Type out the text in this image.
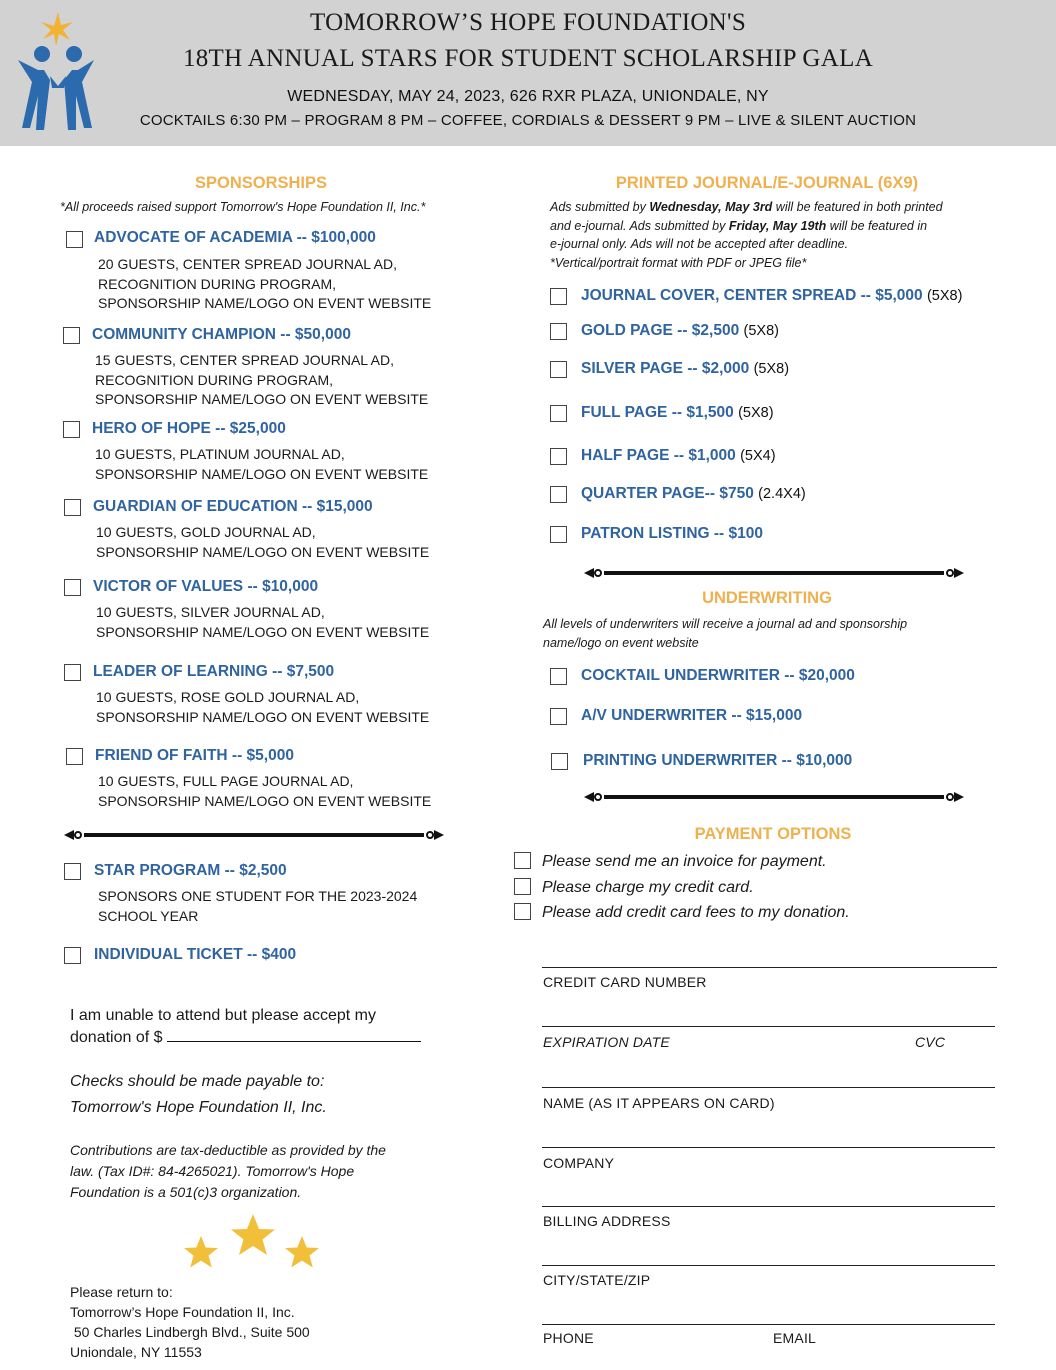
TOMORROW’S HOPE FOUNDATION'S
18TH ANNUAL STARS FOR STUDENT SCHOLARSHIP GALA
WEDNESDAY, MAY 24, 2023, 626 RXR PLAZA, UNIONDALE, NY
COCKTAILS 6:30 PM – PROGRAM 8 PM – COFFEE, CORDIALS & DESSERT 9 PM – LIVE & SILENT AUCTION
SPONSORSHIPS
*All proceeds raised support Tomorrow's Hope Foundation II, Inc.*
ADVOCATE OF ACADEMIA -- $100,000
20 GUESTS, CENTER SPREAD JOURNAL AD,
RECOGNITION DURING PROGRAM,
SPONSORSHIP NAME/LOGO ON EVENT WEBSITE
COMMUNITY CHAMPION -- $50,000
15 GUESTS, CENTER SPREAD JOURNAL AD,
RECOGNITION DURING PROGRAM,
SPONSORSHIP NAME/LOGO ON EVENT WEBSITE
HERO OF HOPE -- $25,000
10 GUESTS, PLATINUM JOURNAL AD,
SPONSORSHIP NAME/LOGO ON EVENT WEBSITE
GUARDIAN OF EDUCATION -- $15,000
10 GUESTS, GOLD JOURNAL AD,
SPONSORSHIP NAME/LOGO ON EVENT WEBSITE
VICTOR OF VALUES -- $10,000
10 GUESTS, SILVER JOURNAL AD,
SPONSORSHIP NAME/LOGO ON EVENT WEBSITE
LEADER OF LEARNING -- $7,500
10 GUESTS, ROSE GOLD JOURNAL AD,
SPONSORSHIP NAME/LOGO ON EVENT WEBSITE
FRIEND OF FAITH -- $5,000
10 GUESTS, FULL PAGE JOURNAL AD,
SPONSORSHIP NAME/LOGO ON EVENT WEBSITE
STAR PROGRAM -- $2,500
SPONSORS ONE STUDENT FOR THE 2023-2024
SCHOOL YEAR
INDIVIDUAL TICKET -- $400
I am unable to attend but please accept my
donation of $
Checks should be made payable to:
Tomorrow's Hope Foundation II, Inc.
Contributions are tax-deductible as provided by the
law. (Tax ID#: 84-4265021). Tomorrow's Hope
Foundation is a 501(c)3 organization.
Please return to:
Tomorrow’s Hope Foundation II, Inc.
50 Charles Lindbergh Blvd., Suite 500
Uniondale, NY 11553
PRINTED JOURNAL/E-JOURNAL (6X9)
Ads submitted by Wednesday, May 3rd will be featured in both printed
and e-journal. Ads submitted by Friday, May 19th will be featured in
e-journal only. Ads will not be accepted after deadline.
*Vertical/portrait format with PDF or JPEG file*
JOURNAL COVER, CENTER SPREAD -- $5,000 (5X8)
GOLD PAGE -- $2,500 (5X8)
SILVER PAGE -- $2,000 (5X8)
FULL PAGE -- $1,500 (5X8)
HALF PAGE -- $1,000 (5X4)
QUARTER PAGE-- $750 (2.4X4)
PATRON LISTING -- $100
UNDERWRITING
All levels of underwriters will receive a journal ad and sponsorship
name/logo on event website
COCKTAIL UNDERWRITER -- $20,000
A/V UNDERWRITER -- $15,000
PRINTING UNDERWRITER -- $10,000
PAYMENT OPTIONS
Please send me an invoice for payment.
Please charge my credit card.
Please add credit card fees to my donation.
CREDIT CARD NUMBER
EXPIRATION DATE	CVC
NAME (AS IT APPEARS ON CARD)
COMPANY
BILLING ADDRESS
CITY/STATE/ZIP
PHONE	EMAIL
